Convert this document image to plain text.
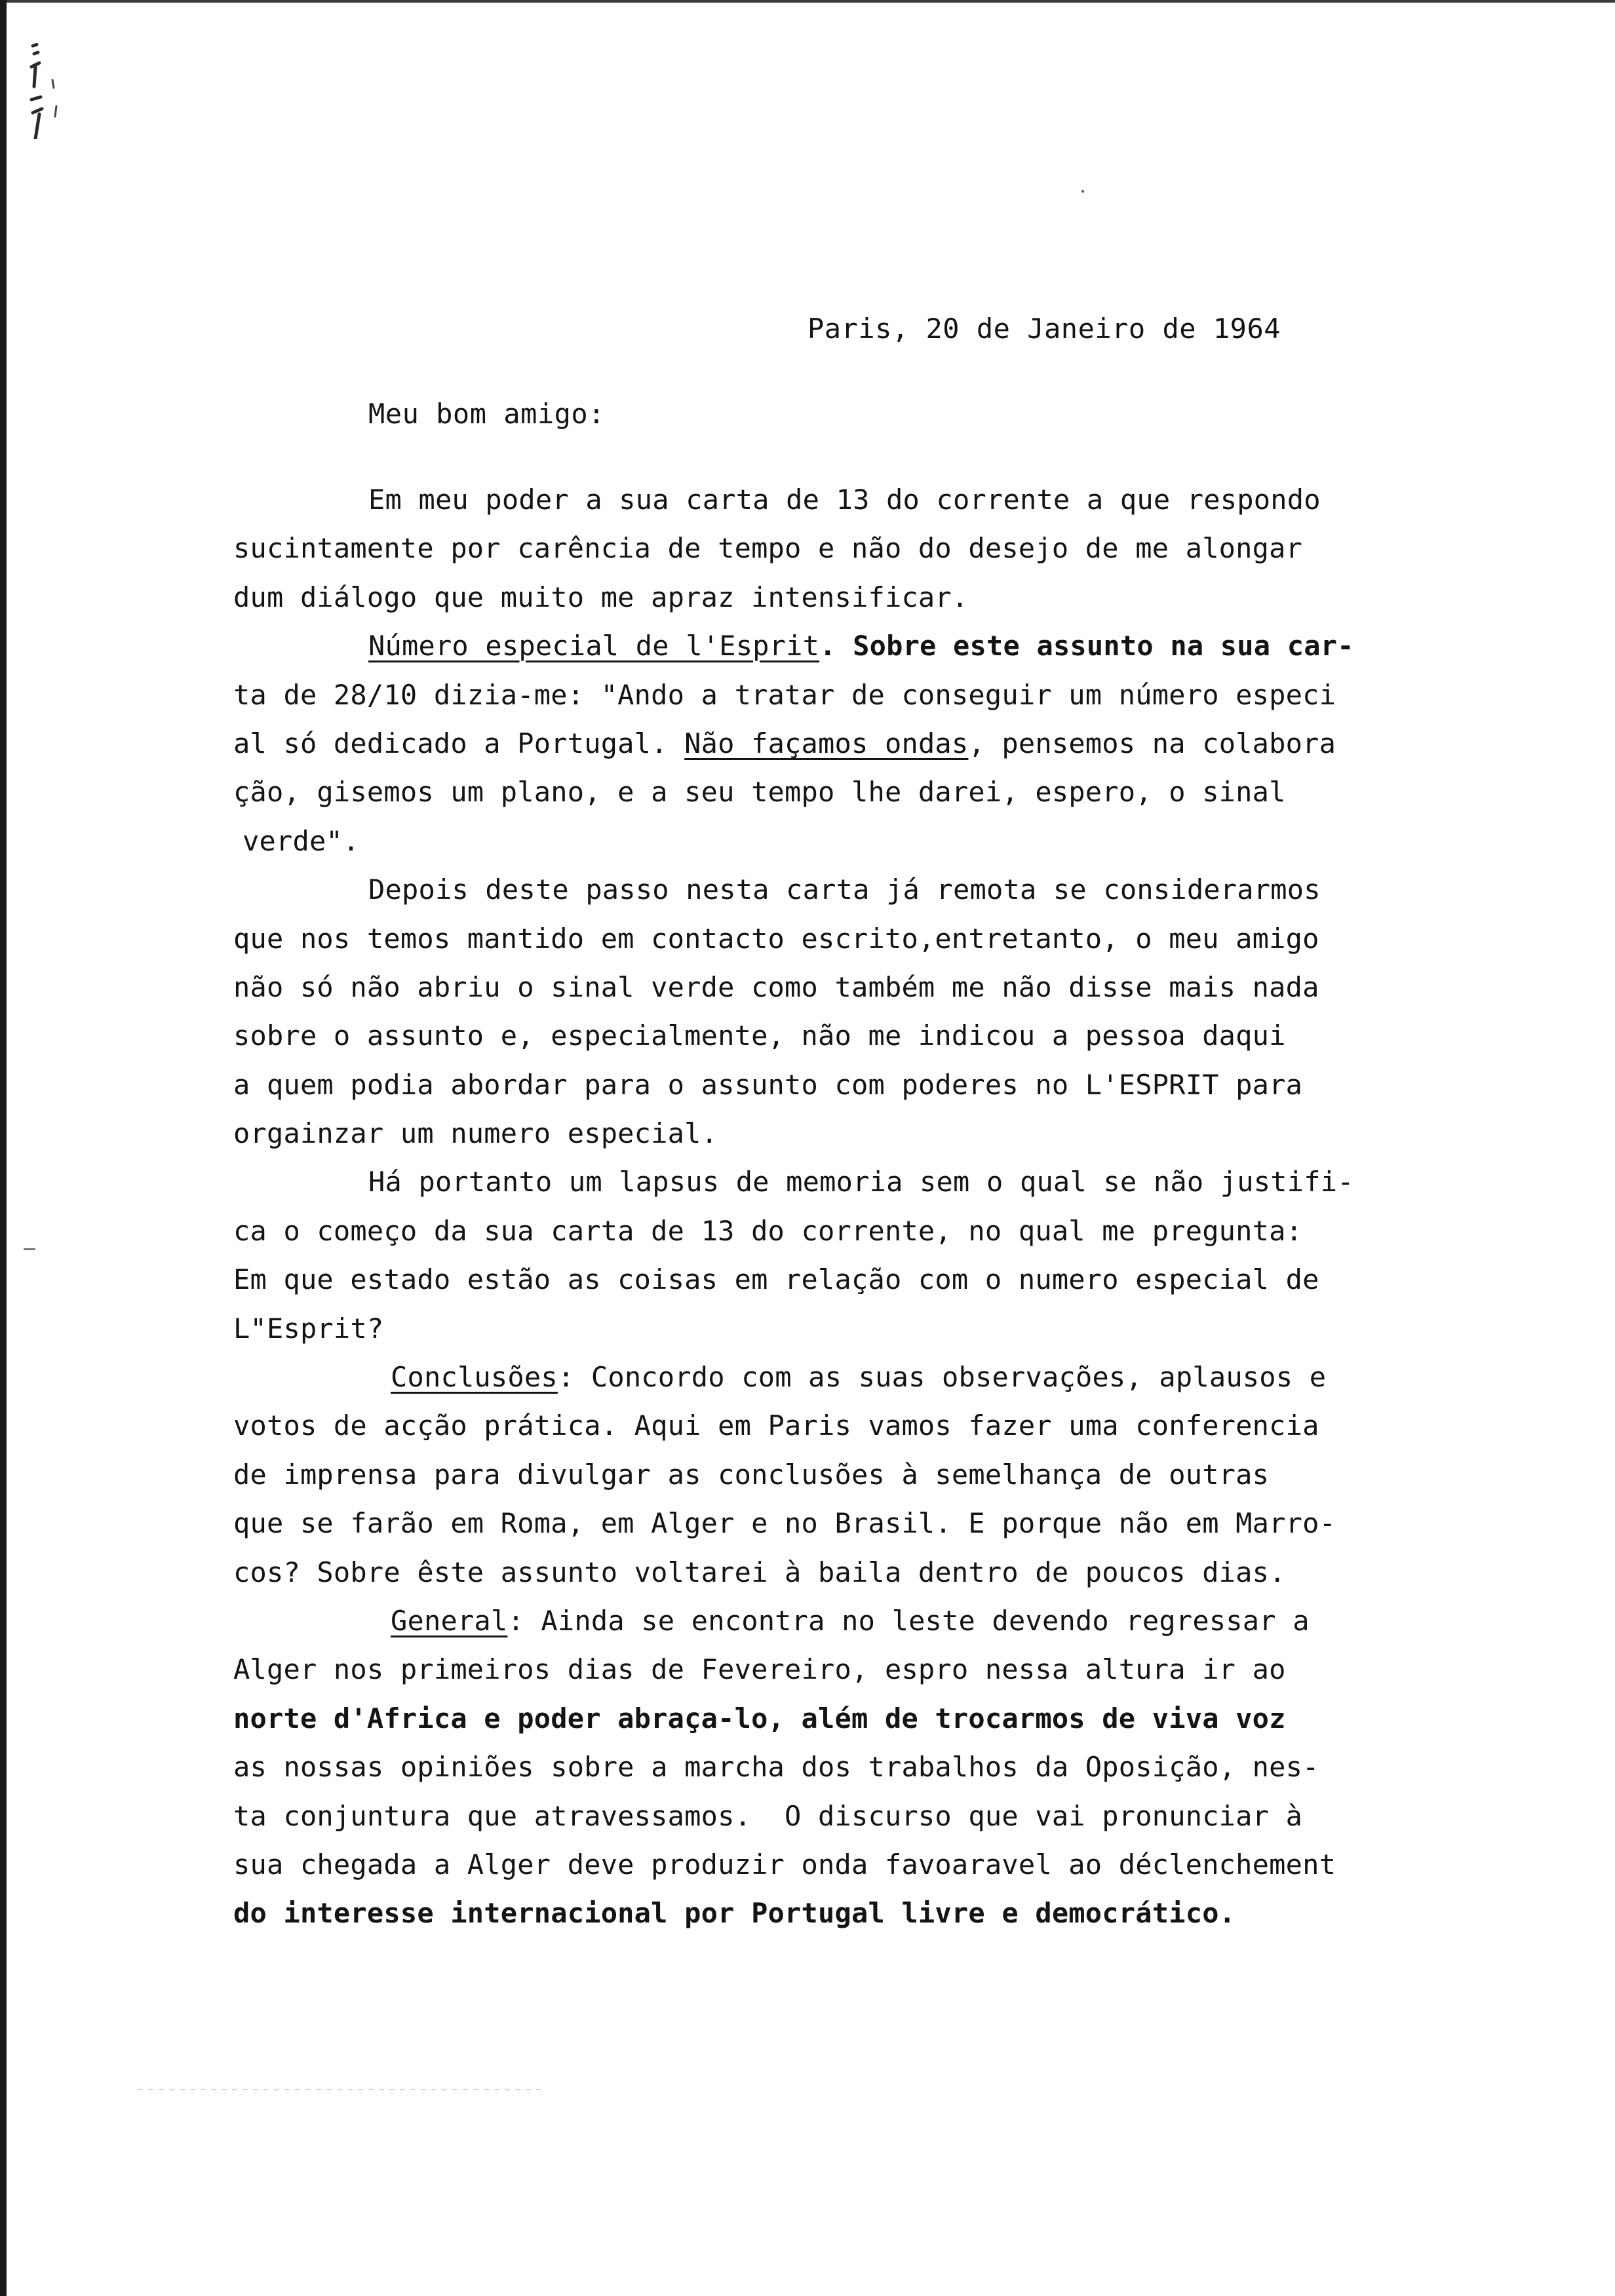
Paris, 20 de Janeiro de 1964
Meu bom amigo:
Em meu poder a sua carta de 13 do corrente a que respondo
sucintamente por carência de tempo e não do desejo de me alongar
dum diálogo que muito me apraz intensificar.
Número especial de l'Esprit. Sobre este assunto na sua car-
ta de 28/10 dizia-me: "Ando a tratar de conseguir um número especi
al só dedicado a Portugal. Não façamos ondas, pensemos na colabora
ção, gisemos um plano, e a seu tempo lhe darei, espero, o sinal
verde".
Depois deste passo nesta carta já remota se considerarmos
que nos temos mantido em contacto escrito,entretanto, o meu amigo
não só não abriu o sinal verde como também me não disse mais nada
sobre o assunto e, especialmente, não me indicou a pessoa daqui
a quem podia abordar para o assunto com poderes no L'ESPRIT para
orgainzar um numero especial.
Há portanto um lapsus de memoria sem o qual se não justifi-
ca o começo da sua carta de 13 do corrente, no qual me pregunta:
Em que estado estão as coisas em relação com o numero especial de
L"Esprit?
Conclusões: Concordo com as suas observações, aplausos e
votos de acção prática. Aqui em Paris vamos fazer uma conferencia
de imprensa para divulgar as conclusões à semelhança de outras
que se farão em Roma, em Alger e no Brasil. E porque não em Marro-
cos? Sobre êste assunto voltarei à baila dentro de poucos dias.
General: Ainda se encontra no leste devendo regressar a
Alger nos primeiros dias de Fevereiro, espro nessa altura ir ao
norte d'Africa e poder abraça-lo, além de trocarmos de viva voz
as nossas opiniões sobre a marcha dos trabalhos da Oposição, nes-
ta conjuntura que atravessamos.  O discurso que vai pronunciar à
sua chegada a Alger deve produzir onda favoaravel ao déclenchement
do interesse internacional por Portugal livre e democrático.
